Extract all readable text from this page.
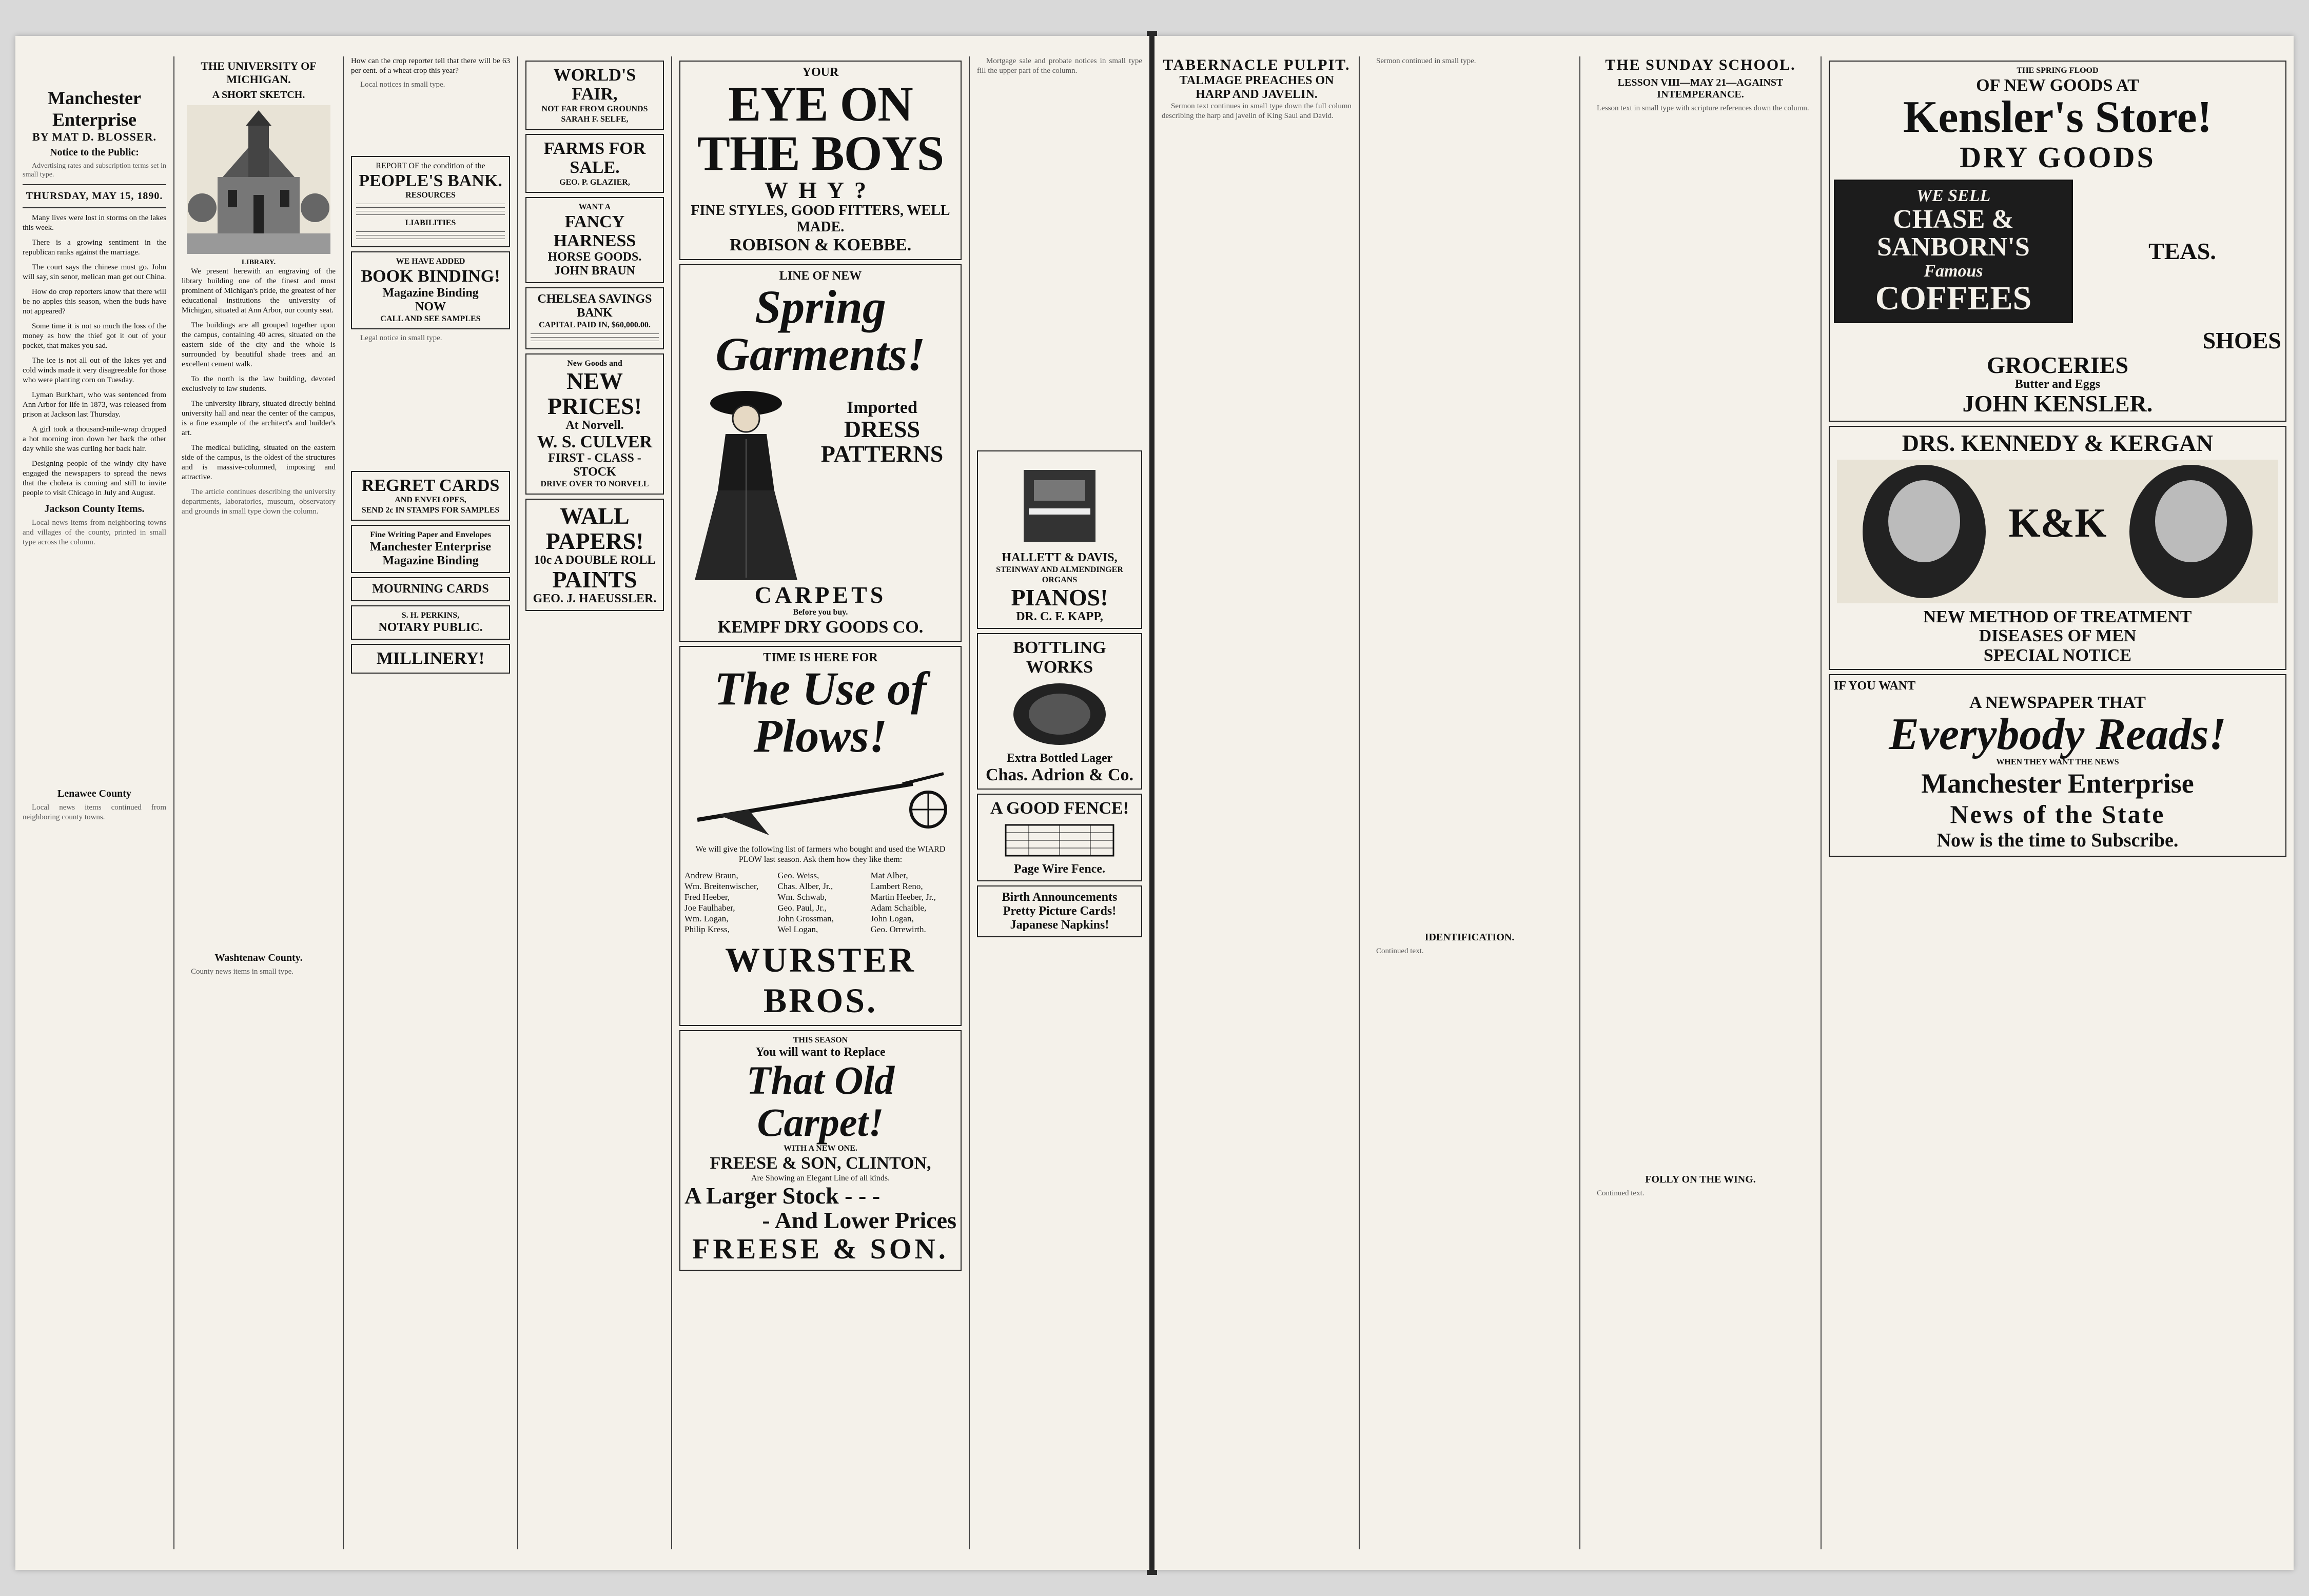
Manchester Enterprise
BY MAT D. BLOSSER.
Notice to the Public:

Advertising rates and subscription terms set in small type.

THURSDAY, MAY 15, 1890.

Many lives were lost in storms on the lakes this week.

There is a growing sentiment in the republican ranks against the marriage.

The court says the chinese must go. John will say, sin senor, melican man get out China.

How do crop reporters know that there will be no apples this season, when the buds have not appeared?

Some time it is not so much the loss of the money as how the thief got it out of your pocket, that makes you sad.

The ice is not all out of the lakes yet and cold winds made it very disagreeable for those who were planting corn on Tuesday.

Lyman Burkhart, who was sentenced from Ann Arbor for life in 1873, was released from prison at Jackson last Thursday.

A girl took a thousand-mile-wrap dropped a hot morning iron down her back the other day while she was curling her back hair.

Designing people of the windy city have engaged the newspapers to spread the news that the cholera is coming and still to invite people to visit Chicago in July and August.

Jackson County Items.

Local news items from neighboring towns and villages of the county, printed in small type across the column.

Lenawee County

Local news items continued from neighboring county towns.

THE UNIVERSITY OF MICHIGAN.
A SHORT SKETCH.
LIBRARY.

We present herewith an engraving of the library building one of the finest and most prominent of Michigan's pride, the greatest of her educational institutions the university of Michigan, situated at Ann Arbor, our county seat.

The buildings are all grouped together upon the campus, containing 40 acres, situated on the eastern side of the city and the whole is surrounded by beautiful shade trees and an excellent cement walk.

To the north is the law building, devoted exclusively to law students.

The university library, situated directly behind university hall and near the center of the campus, is a fine example of the architect's and builder's art.

The medical building, situated on the eastern side of the campus, is the oldest of the structures and is massive-columned, imposing and attractive.

The article continues describing the university departments, laboratories, museum, observatory and grounds in small type down the column.

Washtenaw County.

County news items in small type.

How can the crop reporter tell that there will be 63 per cent. of a wheat crop this year?

Local notices in small type.

REPORT OF the condition of the
PEOPLE'S BANK.
RESOURCES
LIABILITIES
WE HAVE ADDED
BOOK BINDING!
Magazine Binding
NOW
CALL AND SEE SAMPLES

Legal notice in small type.

REGRET CARDS
AND ENVELOPES,
SEND 2c IN STAMPS FOR SAMPLES
Fine Writing Paper and Envelopes
Manchester Enterprise
Magazine Binding
MOURNING CARDS
S. H. PERKINS,
NOTARY PUBLIC.
MILLINERY!
WORLD'S FAIR,
NOT FAR FROM GROUNDS
SARAH F. SELFE,
FARMS FOR SALE.
GEO. P. GLAZIER,
WANT A
FANCY HARNESS
HORSE GOODS.
JOHN BRAUN
CHELSEA SAVINGS BANK
CAPITAL PAID IN, $60,000.00.
New Goods and
NEW PRICES!
At Norvell.
W. S. CULVER
FIRST - CLASS - STOCK
DRIVE OVER TO NORVELL
WALL PAPERS!
10c A DOUBLE ROLL
PAINTS
GEO. J. HAEUSSLER.
YOUR
EYE ON THE BOYS
WHY?
FINE STYLES, GOOD FITTERS, WELL MADE.
ROBISON & KOEBBE.
LINE OF NEW
Spring Garments!

Imported
DRESS PATTERNS
CARPETS
Before you buy.
KEMPF DRY GOODS CO.
TIME IS HERE FOR
The Use of Plows!
We will give the following list of farmers who bought and used the WIARD PLOW last season. Ask them how they like them:
Andrew Braun,	Geo. Weiss,	Mat Alber,
Wm. Breitenwischer,	Chas. Alber, Jr.,	Lambert Reno,
Fred Heeber,	Wm. Schwab,	Martin Heeber, Jr.,
Joe Faulhaber,	Geo. Paul, Jr.,	Adam Schaible,
Wm. Logan,	John Grossman,	John Logan,
Philip Kress,	Wel Logan,	Geo. Orrewirth.
WURSTER BROS.
THIS SEASON
You will want to Replace
That Old Carpet!
WITH A NEW ONE.
FREESE & SON, CLINTON,
Are Showing an Elegant Line of all kinds.
A Larger Stock - - -
- And Lower Prices
FREESE & SON.

Mortgage sale and probate notices in small type fill the upper part of the column.

HALLETT & DAVIS,
STEINWAY AND ALMENDINGER ORGANS
PIANOS!
DR. C. F. KAPP,
BOTTLING WORKS
Extra Bottled Lager
Chas. Adrion & Co.
A GOOD FENCE!
Page Wire Fence.
Birth Announcements
Pretty Picture Cards!
Japanese Napkins!
TABERNACLE PULPIT.
TALMAGE PREACHES ON HARP AND JAVELIN.

Sermon text continues in small type down the full column describing the harp and javelin of King Saul and David.

Sermon continued in small type.

IDENTIFICATION.

Continued text.

THE SUNDAY SCHOOL.
LESSON VIII—MAY 21—AGAINST INTEMPERANCE.

Lesson text in small type with scripture references down the column.

FOLLY ON THE WING.

Continued text.

THE SPRING FLOOD
OF NEW GOODS AT
Kensler's Store!
DRY GOODS
WE SELL
CHASE & SANBORN'S
Famous
COFFEES
TEAS.
SHOES
GROCERIES
Butter and Eggs
JOHN KENSLER.
DRS. KENNEDY & KERGAN
K&K
NEW METHOD OF TREATMENT
DISEASES OF MEN
SPECIAL NOTICE
IF YOU WANT
A NEWSPAPER THAT
Everybody Reads!
WHEN THEY WANT THE NEWS
Manchester Enterprise
News of the State
Now is the time to Subscribe.
